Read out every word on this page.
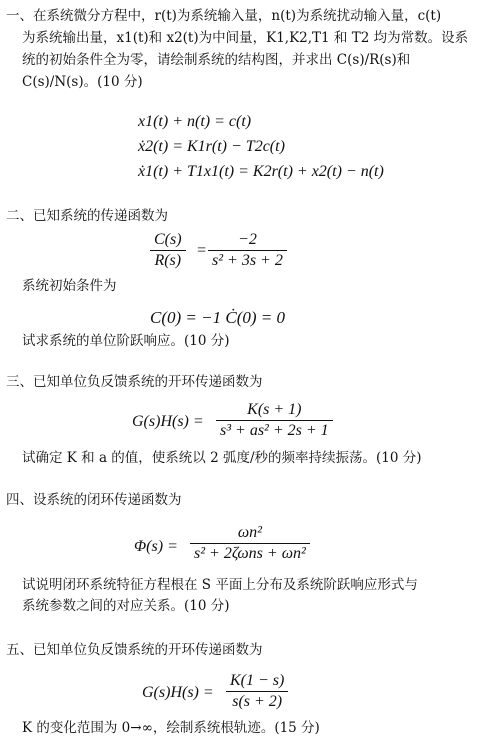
一、在系统微分方程中，r(t)为系统输入量，n(t)为系统扰动输入量，c(t)
为系统输出量，x1(t)和 x2(t)为中间量，K1,K2,T1 和 T2 均为常数。设系
统的初始条件全为零，请绘制系统的结构图，并求出 C(s)/R(s)和
C(s)/N(s)。(10 分)
x1(t) + n(t) = c(t)
ẋ2(t) = K1r(t) − T2c(t)
ẋ1(t) + T1x1(t) = K2r(t) + x2(t) − n(t)
二、已知系统的传递函数为
$\frac{C(s)}{R(s)} = \frac{-2}{\text{s² + 3s + 2}}$
系统初始条件为
C(0) = −1 Ċ(0) = 0
试求系统的单位阶跃响应。(10 分)
三、已知单位负反馈系统的开环传递函数为
$G(s)H(s) = \frac{K(s + 1)}{\text{s³ + as² + 2s + 1}}$
试确定 K 和 a 的值，使系统以 2 弧度/秒的频率持续振荡。(10 分)
四、设系统的闭环传递函数为
Φ(s) =
ωn²
s² + 2ζωns + ωn²
试说明闭环系统特征方程根在 S 平面上分布及系统阶跃响应形式与
系统参数之间的对应关系。(10 分)
五、已知单位负反馈系统的开环传递函数为
$G(s)H(s) = \frac{K(1 - s)}{s(s + 2)}$
K 的变化范围为 0→∞，绘制系统根轨迹。(15 分)
